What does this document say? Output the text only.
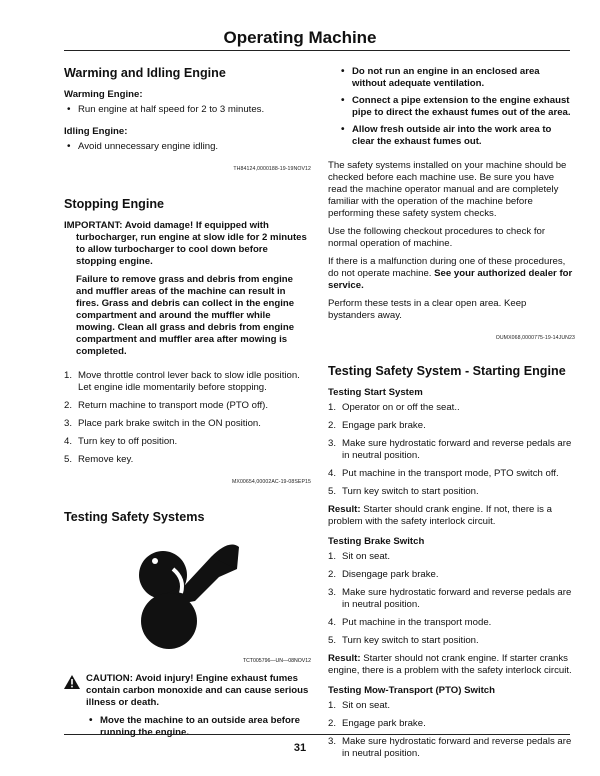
Operating Machine
Warming and Idling Engine
Warming Engine:
• Run engine at half speed for 2 to 3 minutes.
Idling Engine:
• Avoid unnecessary engine idling.
TH84124,0000188-19-19NOV12
Stopping Engine
IMPORTANT: Avoid damage! If equipped with turbocharger, run engine at slow idle for 2 minutes to allow turbocharger to cool down before stopping engine.
Failure to remove grass and debris from engine and muffler areas of the machine can result in fires. Grass and debris can collect in the engine compartment and around the muffler while mowing. Clean all grass and debris from engine compartment and muffler area after mowing is completed.
1. Move throttle control lever back to slow idle position. Let engine idle momentarily before stopping.
2. Return machine to transport mode (PTO off).
3. Place park brake switch in the ON position.
4. Turn key to off position.
5. Remove key.
MX00654,00002AC-19-08SEP15
Testing Safety Systems
TCT005796—UN—08NOV12
CAUTION: Avoid injury! Engine exhaust fumes contain carbon monoxide and can cause serious illness or death.
• Move the machine to an outside area before running the engine.
• Do not run an engine in an enclosed area without adequate ventilation.
• Connect a pipe extension to the engine exhaust pipe to direct the exhaust fumes out of the area.
• Allow fresh outside air into the work area to clear the exhaust fumes out.

The safety systems installed on your machine should be checked before each machine use. Be sure you have read the machine operator manual and are completely familiar with the operation of the machine before performing these safety system checks.

Use the following checkout procedures to check for normal operation of machine.

If there is a malfunction during one of these procedures, do not operate machine. See your authorized dealer for service.

Perform these tests in a clear open area. Keep bystanders away.

OUMX068,0000775-19-14JUN23
Testing Safety System - Starting Engine
Testing Start System
1. Operator on or off the seat..
2. Engage park brake.
3. Make sure hydrostatic forward and reverse pedals are in neutral position.
4. Put machine in the transport mode, PTO switch off.
5. Turn key switch to start position.

Result: Starter should crank engine. If not, there is a problem with the safety interlock circuit.

Testing Brake Switch
1. Sit on seat.
2. Disengage park brake.
3. Make sure hydrostatic forward and reverse pedals are in neutral position.
4. Put machine in the transport mode.
5. Turn key switch to start position.

Result: Starter should not crank engine. If starter cranks engine, there is a problem with the safety interlock circuit.

Testing Mow-Transport (PTO) Switch
1. Sit on seat.
2. Engage park brake.
3. Make sure hydrostatic forward and reverse pedals are in neutral position.
31
